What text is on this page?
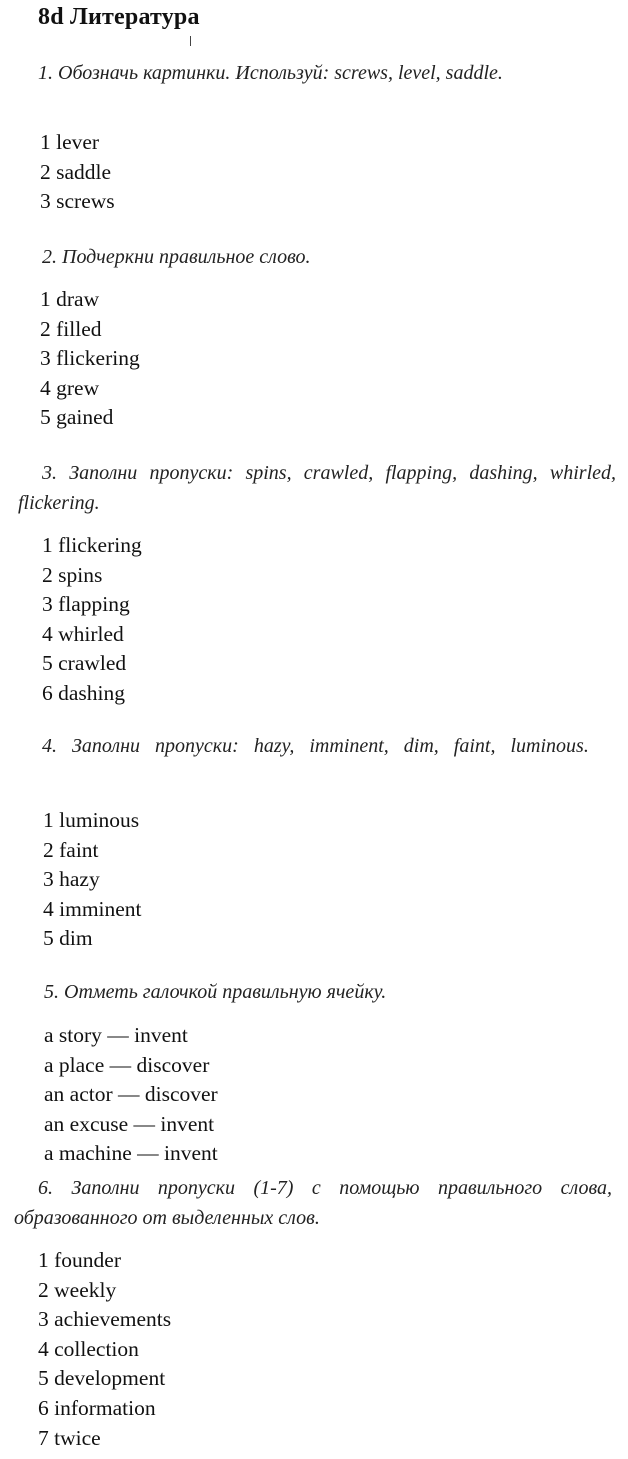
8d Литература
1. Обозначь картинки. Используй: screws, level, saddle.
1 lever
2 saddle
3 screws
2. Подчеркни правильное слово.
1 draw
2 filled
3 flickering
4 grew
5 gained
3. Заполни пропуски: spins, crawled, flapping, dashing, whirled, flickering.
1 flickering
2 spins
3 flapping
4 whirled
5 crawled
6 dashing
4. Заполни пропуски: hazy, imminent, dim, faint, luminous.
1 luminous
2 faint
3 hazy
4 imminent
5 dim
5. Отметь галочкой правильную ячейку.
a story — invent
a place — discover
an actor — discover
an excuse — invent
a machine — invent
6. Заполни пропуски (1-7) с помощью правильного слова, образованного от выделенных слов.
1 founder
2 weekly
3 achievements
4 collection
5 development
6 information
7 twice
